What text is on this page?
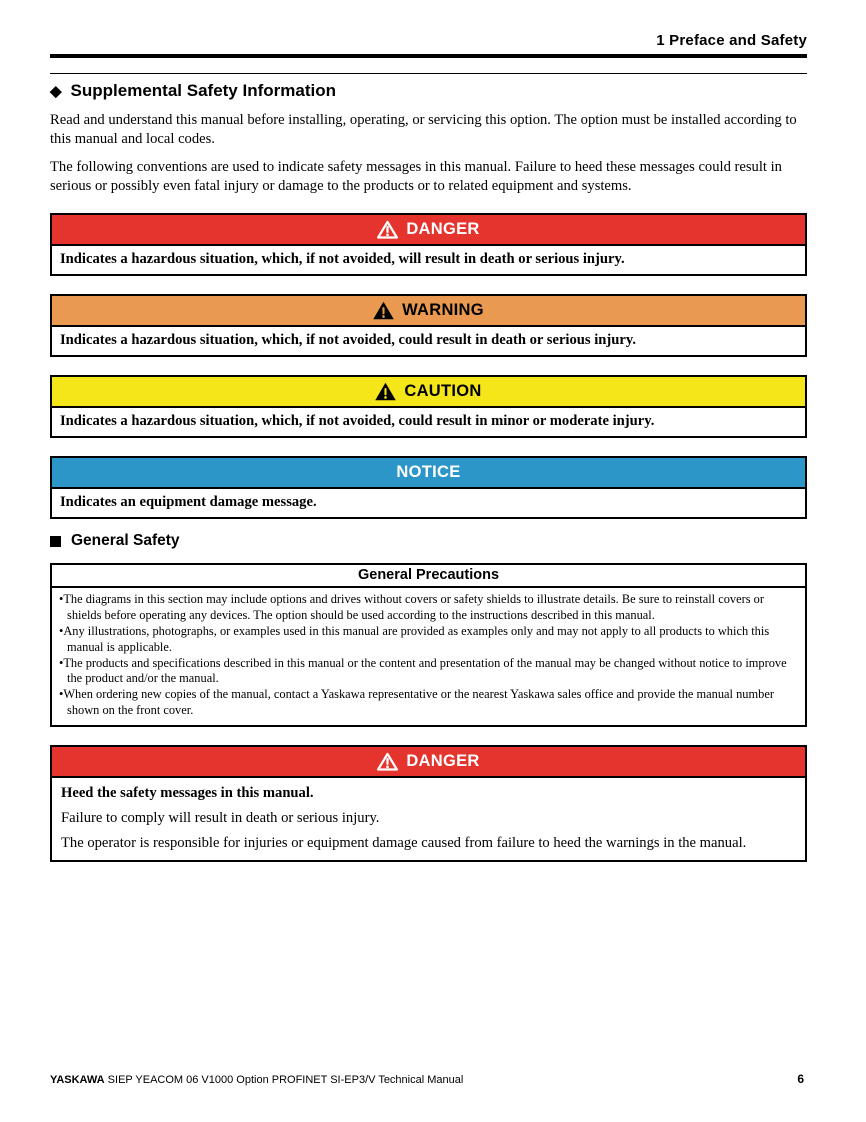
1 Preface and Safety
◆ Supplemental Safety Information

Read and understand this manual before installing, operating, or servicing this option. The option must be installed according to this manual and local codes.

The following conventions are used to indicate safety messages in this manual. Failure to heed these messages could result in serious or possibly even fatal injury or damage to the products or to related equipment and systems.

DANGER
Indicates a hazardous situation, which, if not avoided, will result in death or serious injury.
WARNING
Indicates a hazardous situation, which, if not avoided, could result in death or serious injury.
CAUTION
Indicates a hazardous situation, which, if not avoided, could result in minor or moderate injury.
NOTICE
Indicates an equipment damage message.
General Safety
General Precautions
• The diagrams in this section may include options and drives without covers or safety shields to illustrate details. Be sure to reinstall covers or shields before operating any devices. The option should be used according to the instructions described in this manual.
• Any illustrations, photographs, or examples used in this manual are provided as examples only and may not apply to all products to which this manual is applicable.
• The products and specifications described in this manual or the content and presentation of the manual may be changed without notice to improve the product and/or the manual.
• When ordering new copies of the manual, contact a Yaskawa representative or the nearest Yaskawa sales office and provide the manual number shown on the front cover.
DANGER

Heed the safety messages in this manual.

Failure to comply will result in death or serious injury.

The operator is responsible for injuries or equipment damage caused from failure to heed the warnings in the manual.

YASKAWA SIEP YEACOM 06 V1000 Option PROFINET SI-EP3/V Technical Manual	6
